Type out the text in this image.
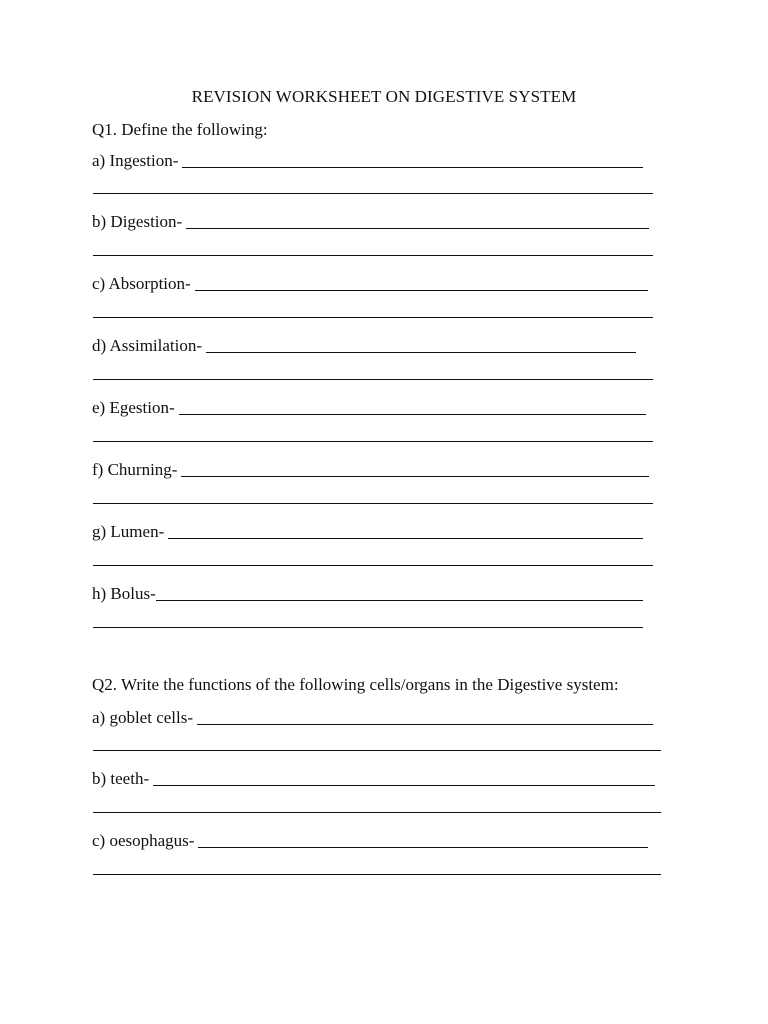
REVISION WORKSHEET ON DIGESTIVE SYSTEM
Q1. Define the following:
a) Ingestion-
b) Digestion-
c) Absorption-
d) Assimilation-
e) Egestion-
f) Churning-
g) Lumen-
h) Bolus-
Q2. Write the functions of the following cells/organs in the Digestive system:
a) goblet cells-
b) teeth-
c) oesophagus-
